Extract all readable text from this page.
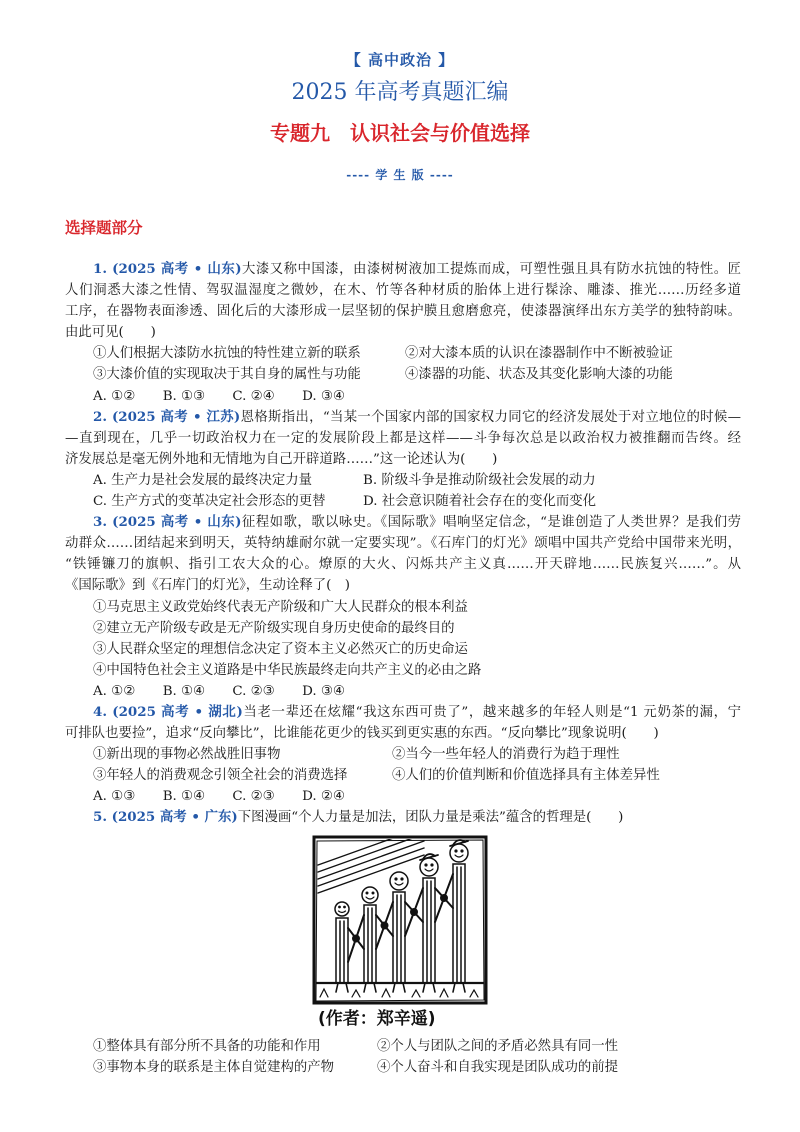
【 高中政治 】
2025 年高考真题汇编
专题九　认识社会与价值选择
---- 学 生 版 ----
选择题部分
1. (2025 高考 • 山东)大漆又称中国漆，由漆树树液加工提炼而成，可塑性强且具有防水抗蚀的特性。匠
人们洞悉大漆之性情、驾驭温湿度之微妙，在木、竹等各种材质的胎体上进行髹涂、雕漆、推光……历经多道
工序，在器物表面渗透、固化后的大漆形成一层坚韧的保护膜且愈磨愈亮，使漆器演绎出东方美学的独特韵味。
由此可见(　　)
①人们根据大漆防水抗蚀的特性建立新的联系	②对大漆本质的认识在漆器制作中不断被验证
③大漆价值的实现取决于其自身的属性与功能	④漆器的功能、状态及其变化影响大漆的功能
A. ①② B. ①③ C. ②④ D. ③④
2. (2025 高考 • 江苏)恩格斯指出，“当某一个国家内部的国家权力同它的经济发展处于对立地位的时候—
—直到现在，几乎一切政治权力在一定的发展阶段上都是这样——斗争每次总是以政治权力被推翻而告终。经
济发展总是毫无例外地和无情地为自己开辟道路……”这一论述认为(　　)
A. 生产力是社会发展的最终决定力量	B. 阶级斗争是推动阶级社会发展的动力
C. 生产方式的变革决定社会形态的更替	D. 社会意识随着社会存在的变化而变化
3. (2025 高考 • 山东)征程如歌，歌以咏史。《国际歌》唱响坚定信念，“是谁创造了人类世界？是我们劳
动群众……团结起来到明天，英特纳雄耐尔就一定要实现”。《石库门的灯光》颂唱中国共产党给中国带来光明，
“铁锤镰刀的旗帜、指引工农大众的心。燎原的大火、闪烁共产主义真……开天辟地……民族复兴……”。从
《国际歌》到《石库门的灯光》，生动诠释了(　)
①马克思主义政党始终代表无产阶级和广大人民群众的根本利益
②建立无产阶级专政是无产阶级实现自身历史使命的最终目的
③人民群众坚定的理想信念决定了资本主义必然灭亡的历史命运
④中国特色社会主义道路是中华民族最终走向共产主义的必由之路
A. ①② B. ①④ C. ②③ D. ③④
4. (2025 高考 • 湖北)当老一辈还在炫耀“我这东西可贵了”，越来越多的年轻人则是“1 元奶茶的漏，宁
可排队也要捡”，追求“反向攀比”，比谁能花更少的钱买到更实惠的东西。“反向攀比”现象说明(　　)
①新出现的事物必然战胜旧事物	②当今一些年轻人的消费行为趋于理性
③年轻人的消费观念引领全社会的消费选择	④人们的价值判断和价值选择具有主体差异性
A. ①③ B. ①④ C. ②③ D. ②④
5. (2025 高考 • 广东)下图漫画“个人力量是加法，团队力量是乘法”蕴含的哲理是(　　)
(作者：郑辛遥)
①整体具有部分所不具备的功能和作用	②个人与团队之间的矛盾必然具有同一性
③事物本身的联系是主体自觉建构的产物	④个人奋斗和自我实现是团队成功的前提
